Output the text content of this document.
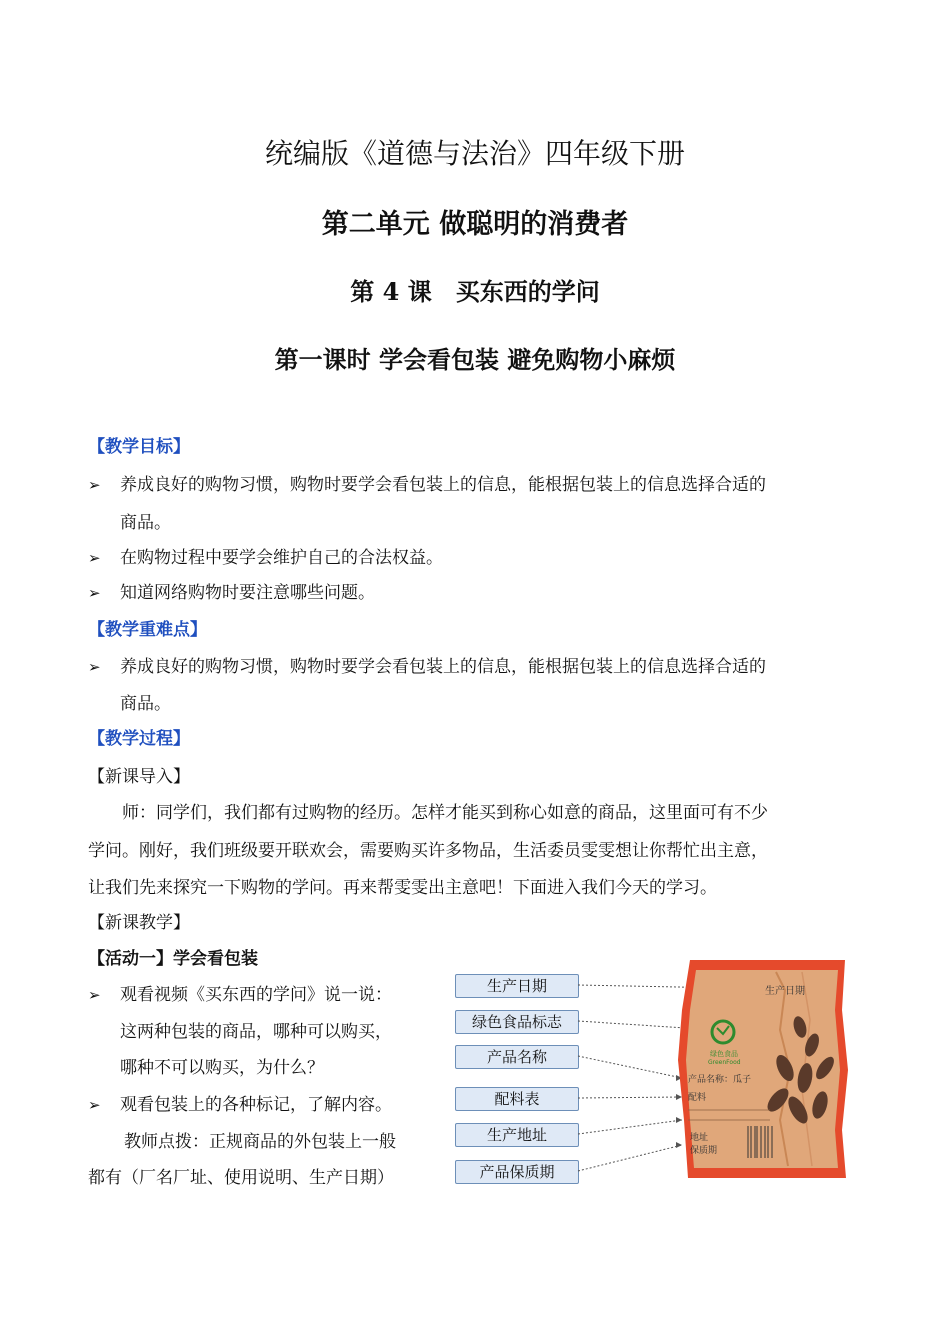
统编版《道德与法治》四年级下册
第二单元 做聪明的消费者
第 4 课　买东西的学问
第一课时 学会看包装 避免购物小麻烦
【教学目标】
➢ 养成良好的购物习惯，购物时要学会看包装上的信息，能根据包装上的信息选择合适的
商品。
➢ 在购物过程中要学会维护自己的合法权益。
➢ 知道网络购物时要注意哪些问题。
【教学重难点】
➢ 养成良好的购物习惯，购物时要学会看包装上的信息，能根据包装上的信息选择合适的
商品。
【教学过程】
【新课导入】
师：同学们，我们都有过购物的经历。怎样才能买到称心如意的商品，这里面可有不少
学问。刚好，我们班级要开联欢会，需要购买许多物品，生活委员雯雯想让你帮忙出主意，
让我们先来探究一下购物的学问。再来帮雯雯出主意吧！下面进入我们今天的学习。
【新课教学】
【活动一】学会看包装
➢ 观看视频《买东西的学问》说一说：
这两种包装的商品，哪种可以购买，
哪种不可以购买，为什么？
➢ 观看包装上的各种标记，了解内容。
教师点拨：正规商品的外包装上一般
都有（厂名厂址、使用说明、生产日期）
生产日期
绿色食品标志
产品名称
配料表
生产地址
产品保质期
生产日期
绿色食品
GreenFood
产品名称：瓜子
配料
地址
保质期
